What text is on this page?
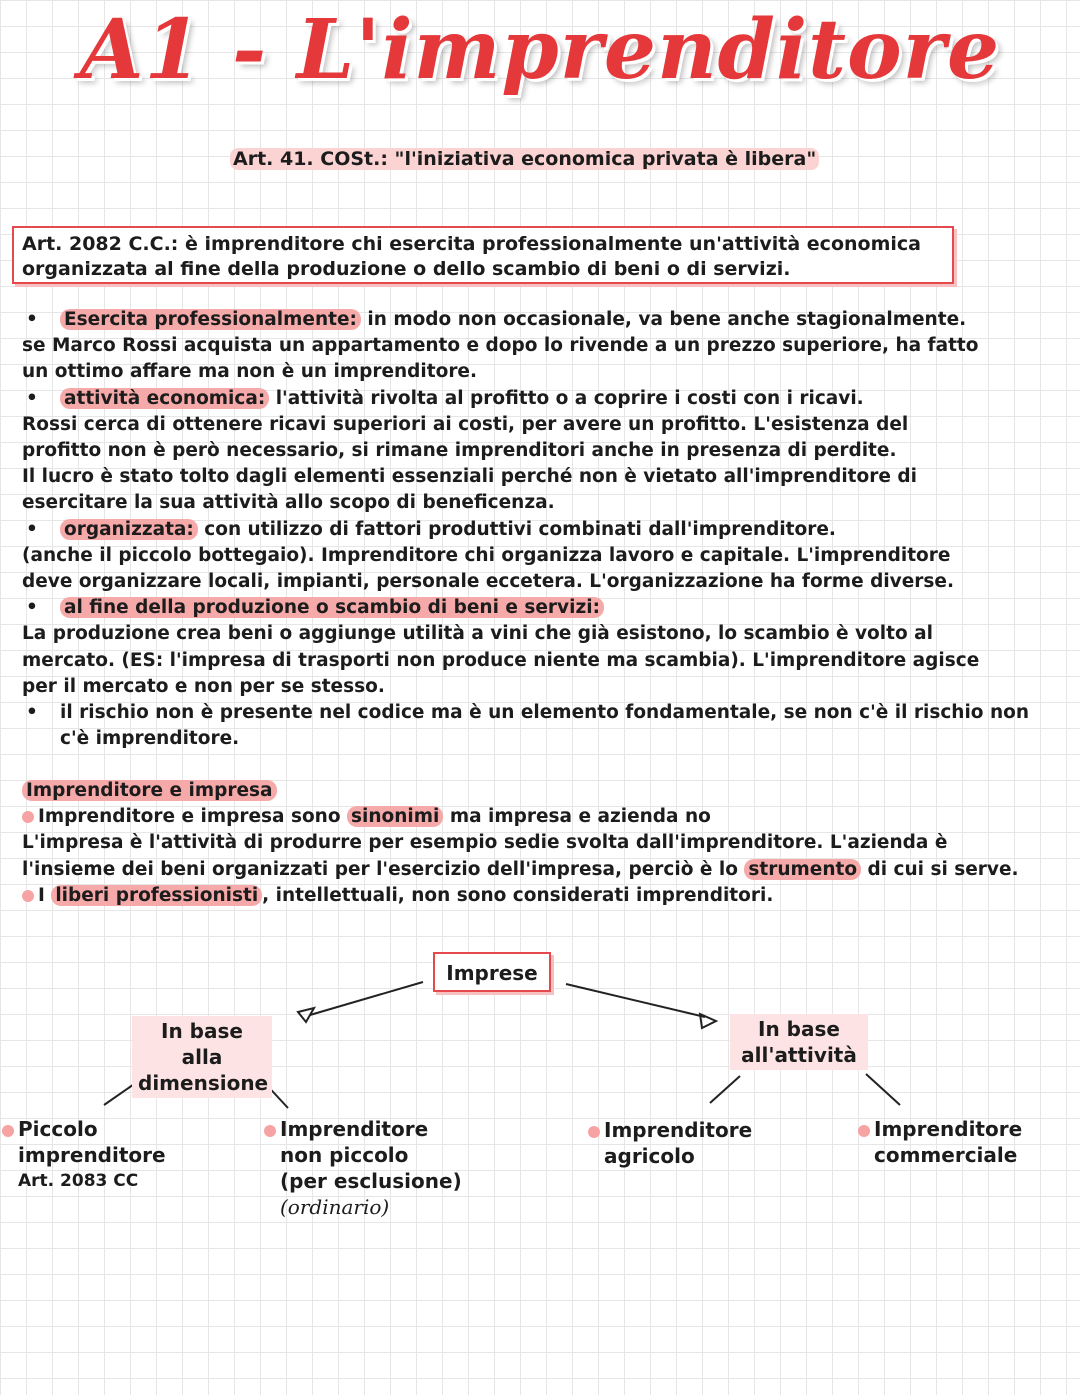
A1 - L'imprenditore
Art. 41. COSt.: "l'iniziativa economica privata è libera"
Art. 2082 C.C.: è imprenditore chi esercita professionalmente un'attività economica
organizzata al fine della produzione o dello scambio di beni o di servizi.

• Esercita professionalmente: in modo non occasionale, va bene anche stagionalmente.

se Marco Rossi acquista un appartamento e dopo lo rivende a un prezzo superiore, ha fatto

un ottimo affare ma non è un imprenditore.

• attività economica: l'attività rivolta al profitto o a coprire i costi con i ricavi.

Rossi cerca di ottenere ricavi superiori ai costi, per avere un profitto. L'esistenza del

profitto non è però necessario, si rimane imprenditori anche in presenza di perdite.

Il lucro è stato tolto dagli elementi essenziali perché non è vietato all'imprenditore di

esercitare la sua attività allo scopo di beneficenza.

• organizzata: con utilizzo di fattori produttivi combinati dall'imprenditore.

(anche il piccolo bottegaio). Imprenditore chi organizza lavoro e capitale. L'imprenditore

deve organizzare locali, impianti, personale eccetera. L'organizzazione ha forme diverse.

• al fine della produzione o scambio di beni e servizi:

La produzione crea beni o aggiunge utilità a vini che già esistono, lo scambio è volto al

mercato. (ES: l'impresa di trasporti non produce niente ma scambia). L'imprenditore agisce

per il mercato e non per se stesso.

• il rischio non è presente nel codice ma è un elemento fondamentale, se non c'è il rischio non

c'è imprenditore.

Imprenditore e impresa

Imprenditore e impresa sono sinonimi ma impresa e azienda no

L'impresa è l'attività di produrre per esempio sedie svolta dall'imprenditore. L'azienda è

l'insieme dei beni organizzati per l'esercizio dell'impresa, perciò è lo strumento di cui si serve.

I liberi professionisti , intellettuali, non sono considerati imprenditori.

Imprese
In base alla
dimensione
In base
all'attività
Piccolo
imprenditore
Art. 2083 CC
Imprenditore
non piccolo
(per esclusione)
(ordinario)
Imprenditore
agricolo
Imprenditore
commerciale
